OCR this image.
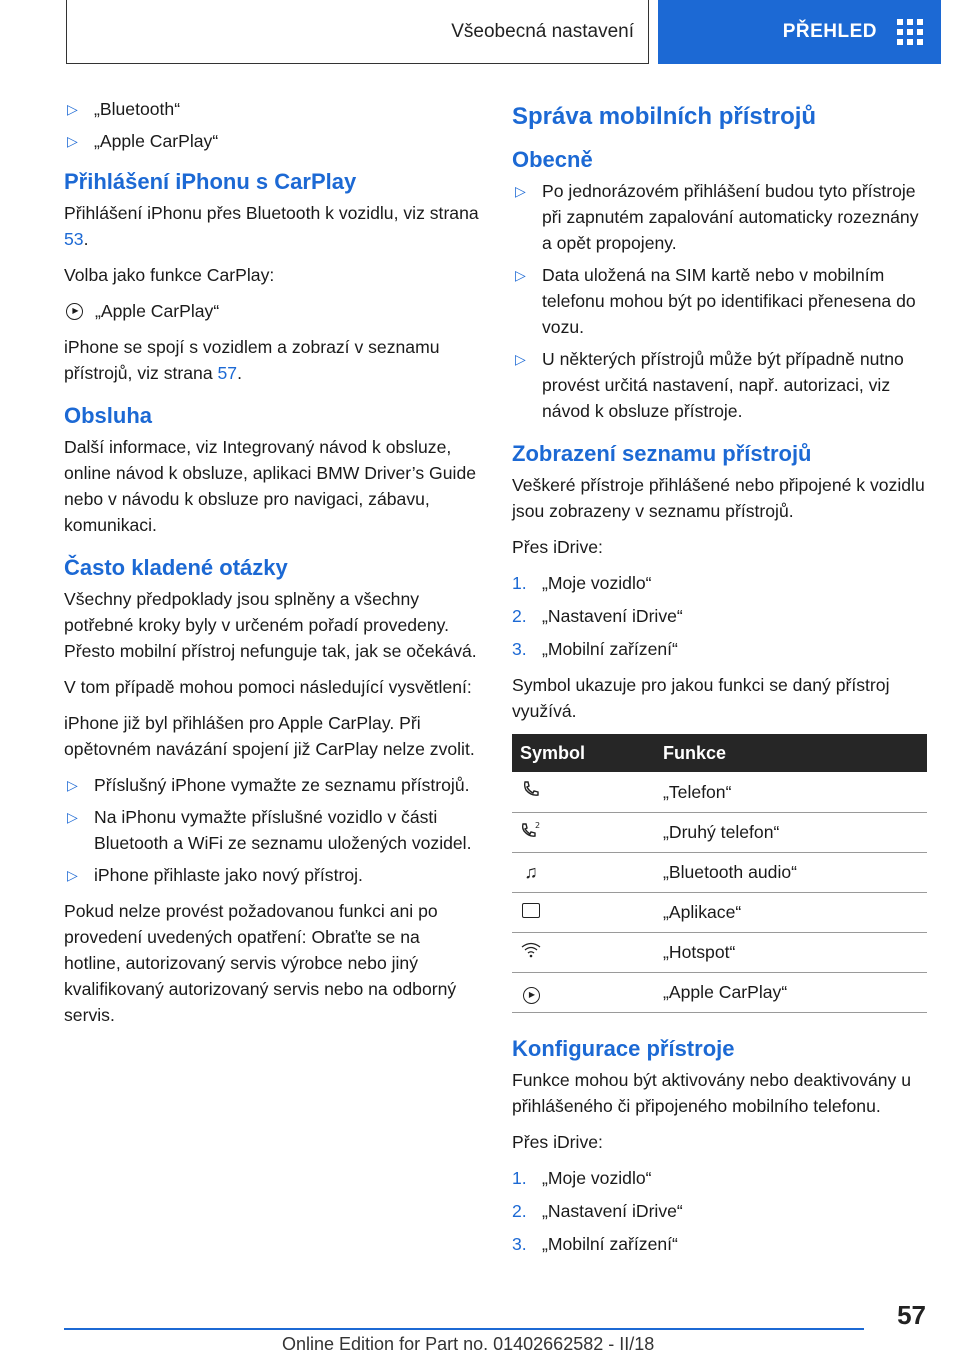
Všeobecná nastavení	PŘEHLED
▷ „Bluetooth“
▷ „Apple CarPlay“
Přihlášení iPhonu s CarPlay

Přihlášení iPhonu přes Bluetooth k vozidlu, viz strana 53.

Volba jako funkce CarPlay:

▶ „Apple CarPlay“

iPhone se spojí s vozidlem a zobrazí v seznamu přístrojů, viz strana 57.

Obsluha

Další informace, viz Integrovaný návod k obsluze, online návod k obsluze, aplikaci BMW Driver’s Guide nebo v návodu k obsluze pro navigaci, zábavu, komunikaci.

Často kladené otázky

Všechny předpoklady jsou splněny a všechny potřebné kroky byly v určeném pořadí provedeny. Přesto mobilní přístroj nefunguje tak, jak se očekává.

V tom případě mohou pomoci následující vysvětlení:

iPhone již byl přihlášen pro Apple CarPlay. Při opětovném navázání spojení již CarPlay nelze zvolit.

▷ Příslušný iPhone vymažte ze seznamu přístrojů.
▷ Na iPhonu vymažte příslušné vozidlo v části Bluetooth a WiFi ze seznamu uložených vozidel.
▷ iPhone přihlaste jako nový přístroj.

Pokud nelze provést požadovanou funkci ani po provedení uvedených opatření: Obraťte se na hotline, autorizovaný servis výrobce nebo jiný kvalifikovaný autorizovaný servis nebo na odborný servis.

Správa mobilních přístrojů
Obecně
▷ Po jednorázovém přihlášení budou tyto přístroje při zapnutém zapalování automaticky rozeznány a opět propojeny.
▷ Data uložená na SIM kartě nebo v mobilním telefonu mohou být po identifikaci přenesena do vozu.
▷ U některých přístrojů může být případně nutno provést určitá nastavení, např. autorizaci, viz návod k obsluze přístroje.
Zobrazení seznamu přístrojů

Veškeré přístroje přihlášené nebo připojené k vozidlu jsou zobrazeny v seznamu přístrojů.

Přes iDrive:

1. „Moje vozidlo“
2. „Nastavení iDrive“
3. „Mobilní zařízení“

Symbol ukazuje pro jakou funkci se daný přístroj využívá.

Symbol	Funkce

	„Telefon“

2	„Druhý telefon“
♫	„Bluetooth audio“

	„Aplikace“

	„Hotspot“

▶	„Apple CarPlay“
Konfigurace přístroje

Funkce mohou být aktivovány nebo deaktivovány u přihlášeného či připojeného mobilního telefonu.

Přes iDrive:

1. „Moje vozidlo“
2. „Nastavení iDrive“
3. „Mobilní zařízení“
57
Online Edition for Part no. 01402662582 - II/18
